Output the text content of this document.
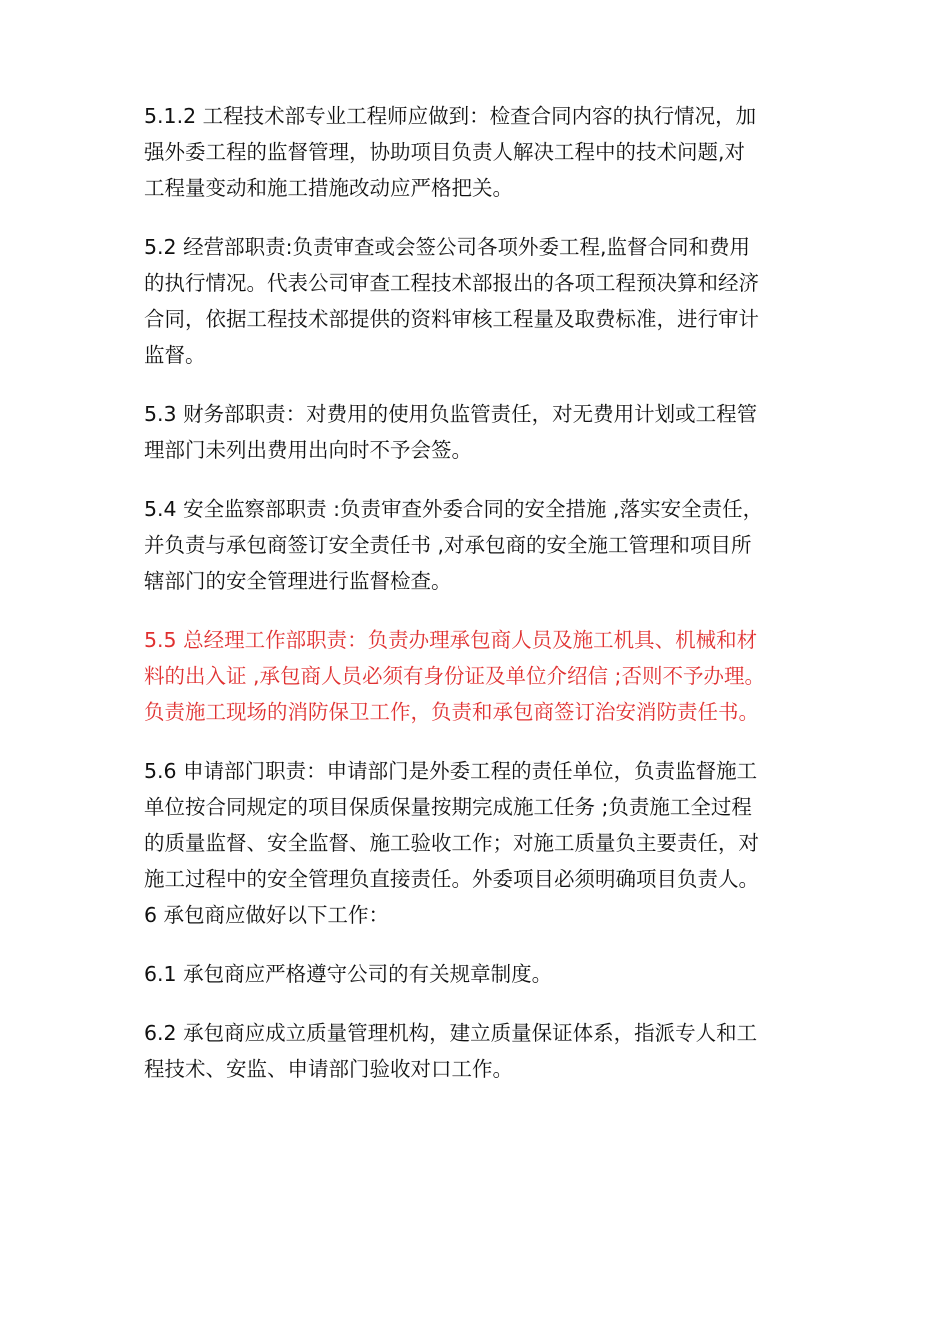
5.1.2 工程技术部专业工程师应做到：检查合同内容的执行情况，加
强外委工程的监督管理，协助项目负责人解决工程中的技术问题,对
工程量变动和施工措施改动应严格把关。
5.2 经营部职责:负责审查或会签公司各项外委工程,监督合同和费用
的执行情况。代表公司审查工程技术部报出的各项工程预决算和经济
合同，依据工程技术部提供的资料审核工程量及取费标准，进行审计
监督。
5.3 财务部职责：对费用的使用负监管责任，对无费用计划或工程管
理部门未列出费用出向时不予会签。
5.4 安全监察部职责 :负责审查外委合同的安全措施 ,落实安全责任，
并负责与承包商签订安全责任书 ,对承包商的安全施工管理和项目所
辖部门的安全管理进行监督检查。
5.5 总经理工作部职责：负责办理承包商人员及施工机具、机械和材
料的出入证 ,承包商人员必须有身份证及单位介绍信 ;否则不予办理。
负责施工现场的消防保卫工作，负责和承包商签订治安消防责任书。
5.6 申请部门职责：申请部门是外委工程的责任单位，负责监督施工
单位按合同规定的项目保质保量按期完成施工任务 ;负责施工全过程
的质量监督、安全监督、施工验收工作；对施工质量负主要责任，对
施工过程中的安全管理负直接责任。外委项目必须明确项目负责人。
6 承包商应做好以下工作：
6.1 承包商应严格遵守公司的有关规章制度。
6.2 承包商应成立质量管理机构，建立质量保证体系，指派专人和工
程技术、安监、申请部门验收对口工作。
